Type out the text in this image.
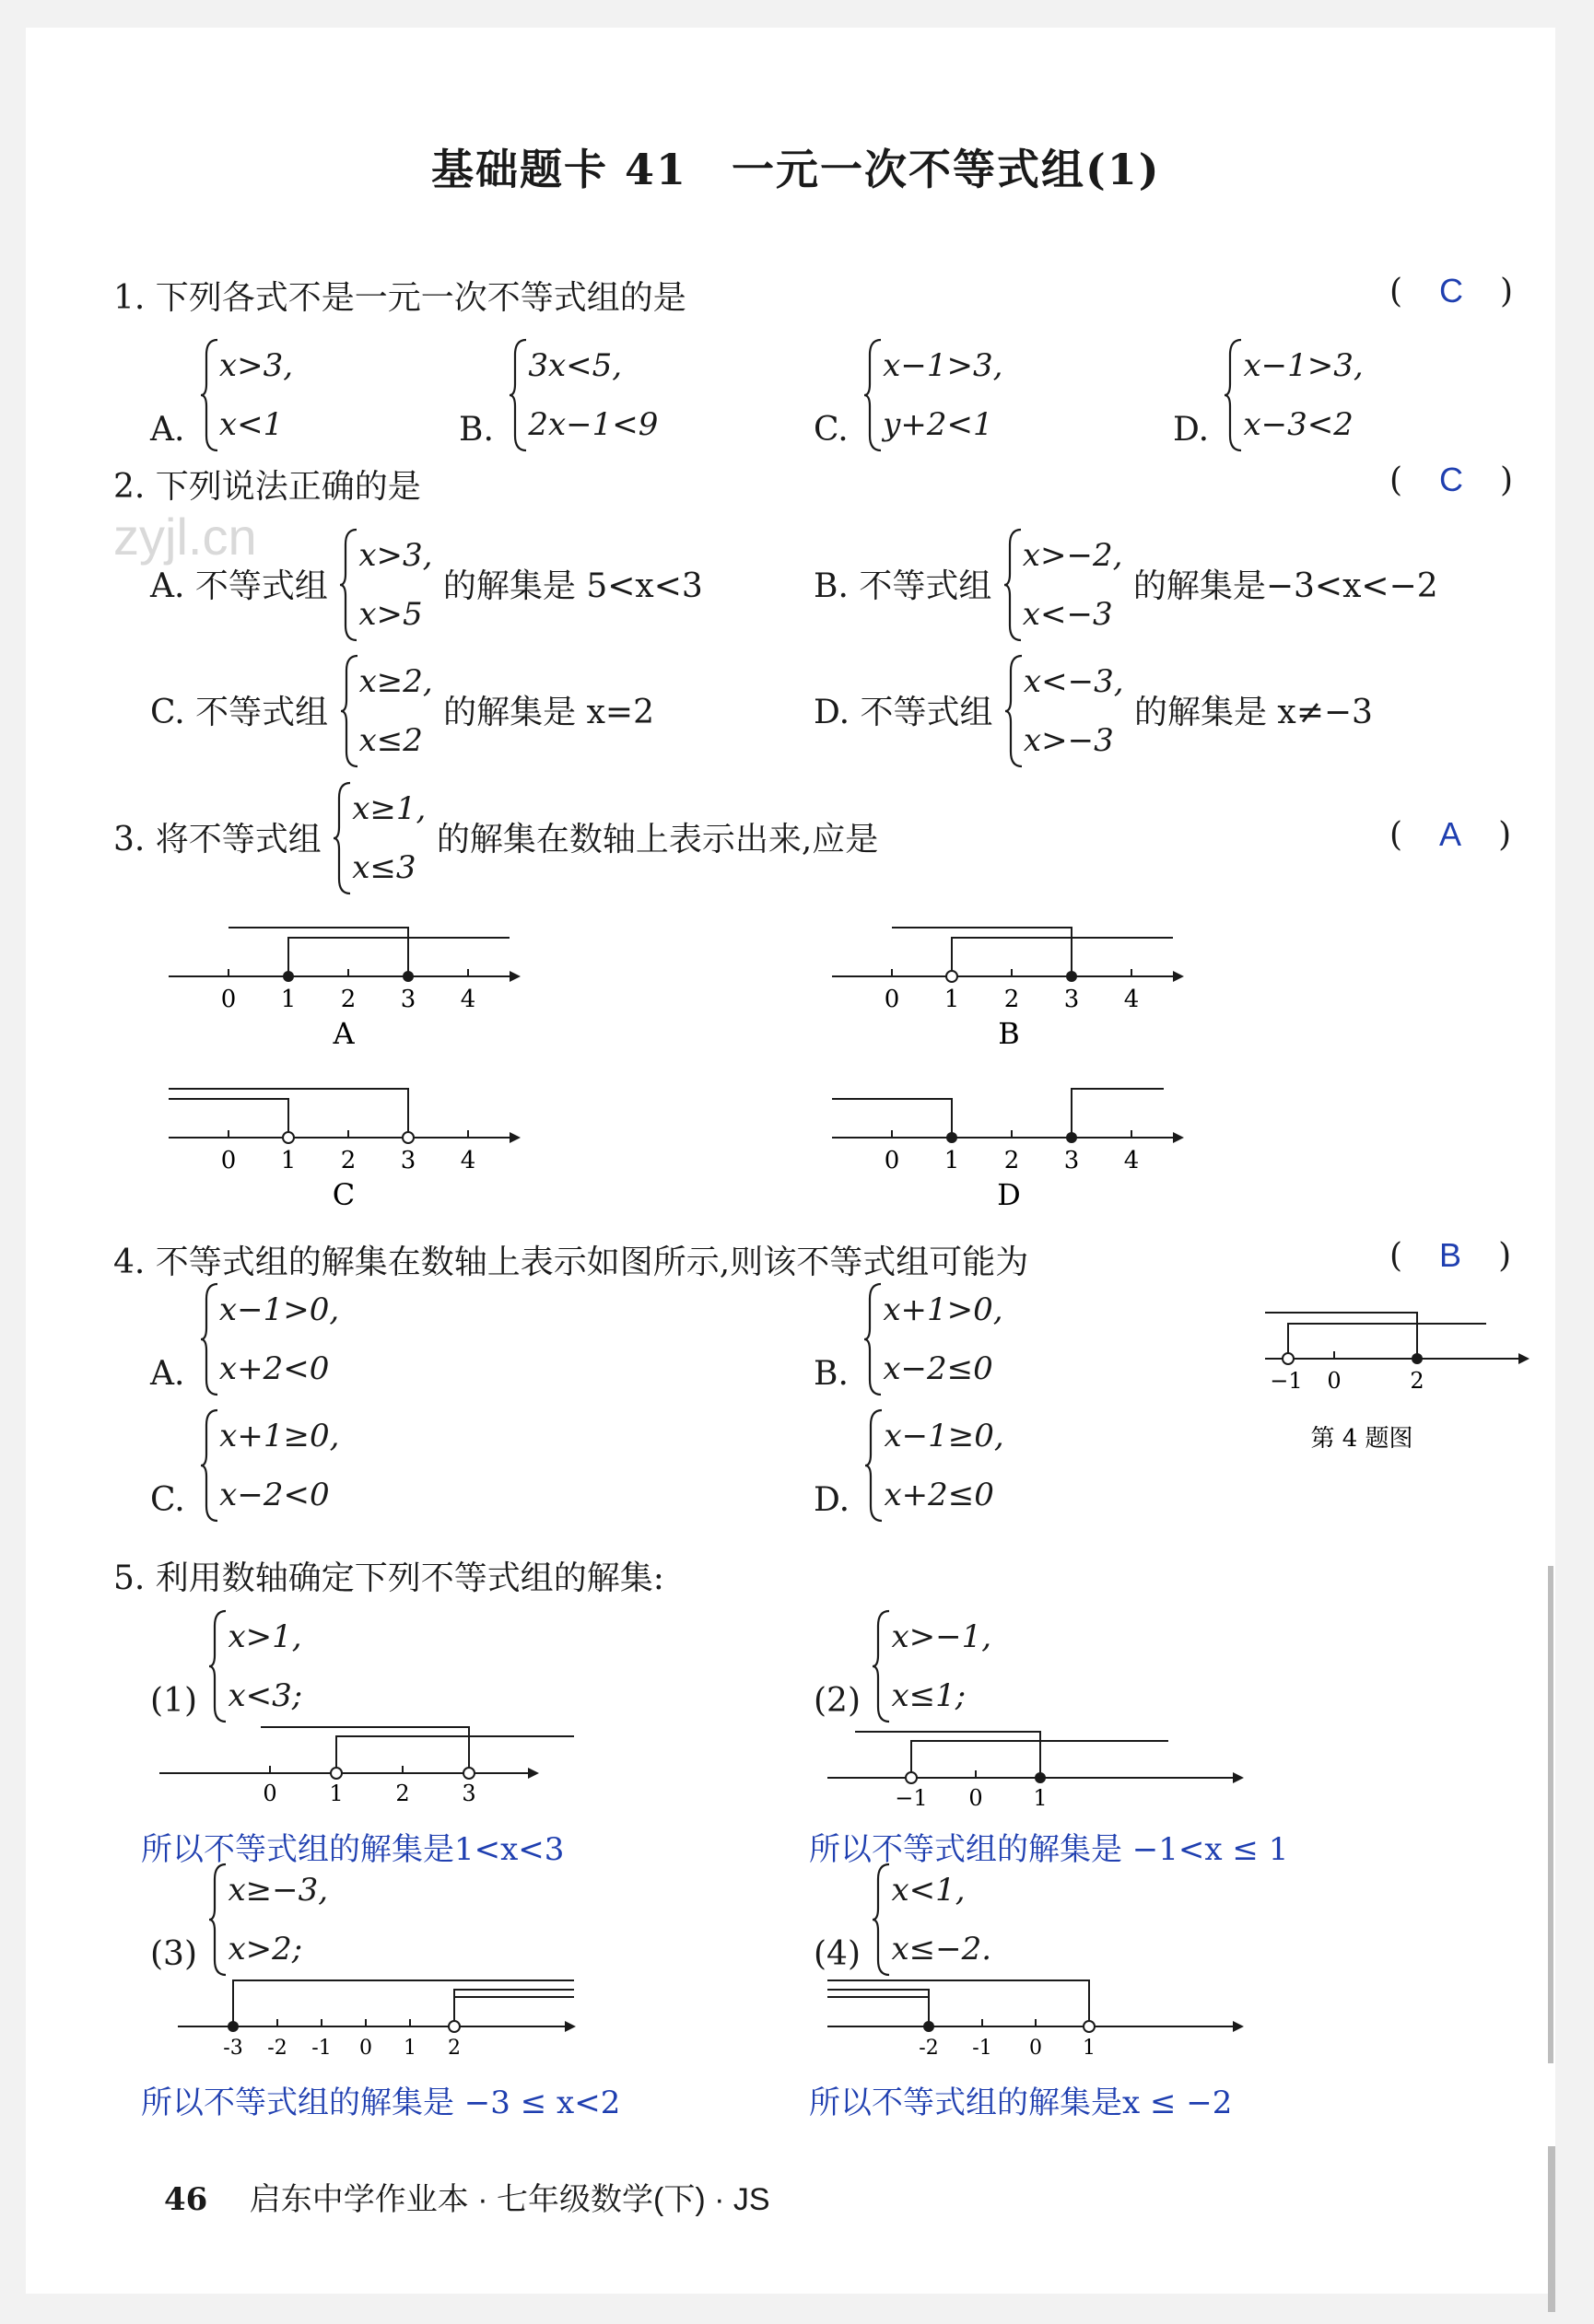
zyjl.cn
基础题卡 41　一元一次不等式组(1)
1. 下列各式不是一元一次不等式组的是	( C )
A.
x>3,
x<1	B.
3x<5,
2x−1<9	C.
x−1>3,
y+2<1	D.
x−1>3,
x−3<2
2. 下列说法正确的是	( C )
A. 不等式组
x>3,
x>5
的解集是 5<x<3	B. 不等式组
x>−2,
x<−3
的解集是−3<x<−2
C. 不等式组
x≥2,
x≤2
的解集是 x=2	D. 不等式组
x<−3,
x>−3
的解集是 x≠−3
3. 将不等式组
x≥1,
x≤3
的解集在数轴上表示出来,应是	( A )
0 1 2 3 4
A
0 1 2 3 4
B
0 1 2 3 4
C
0 1 2 3 4
D
4. 不等式组的解集在数轴上表示如图所示,则该不等式组可能为	( B )
A.
x−1>0,
x+2<0	B.
x+1>0,
x−2≤0
C.
x+1≥0,
x−2<0	D.
x−1≥0,
x+2≤0
−1 0	2
第 4 题图
5. 利用数轴确定下列不等式组的解集:
(1)
x>1,
x<3;
0 1 2 3
所以不等式组的解集是1<x<3
(2)
x>−1,
x≤1;
−1 0 1
所以不等式组的解集是 −1<x ≤ 1
(3)
x≥−3,
x>2;
-3 -2 -1 0 1 2
所以不等式组的解集是 −3 ≤ x<2
(4)
x<1,
x≤−2.
-2 -1 0 1
所以不等式组的解集是x ≤ −2
46 启东中学作业本 · 七年级数学(下) · JS
